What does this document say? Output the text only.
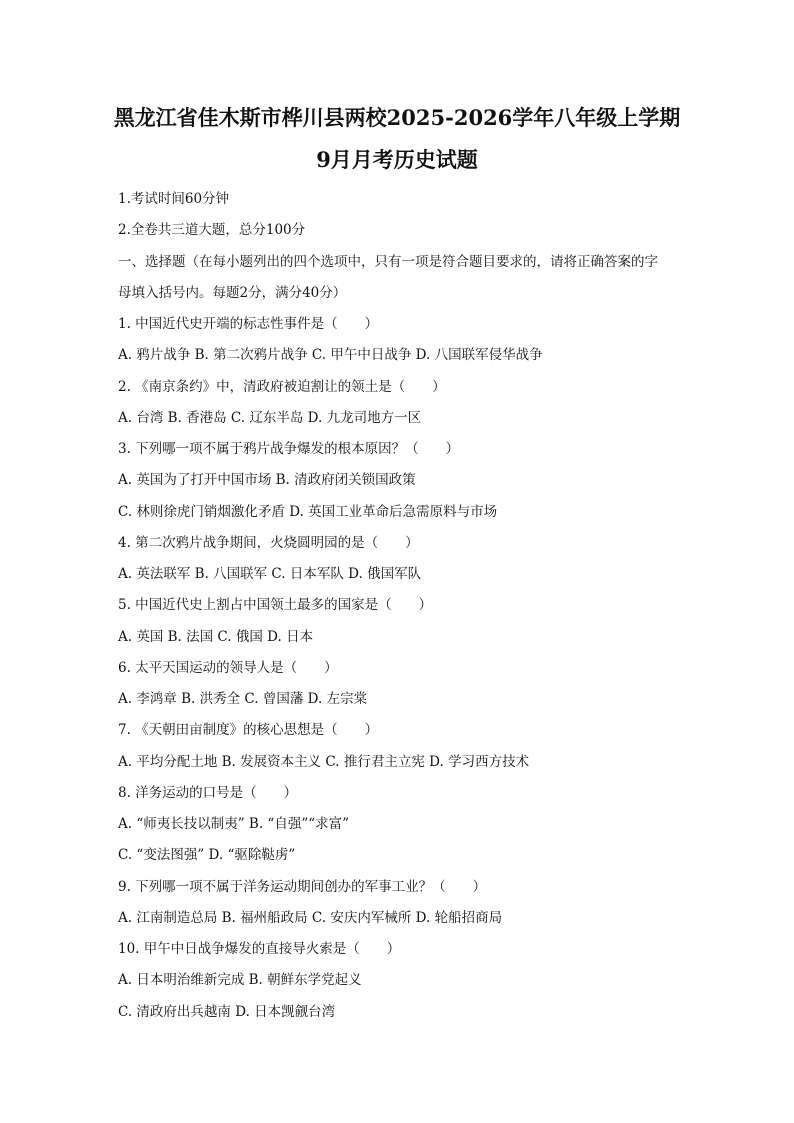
黑龙江省佳木斯市桦川县两校2025-2026学年八年级上学期
9月月考历史试题
1.考试时间60分钟
2.全卷共三道大题，总分100分
一、选择题（在每小题列出的四个选项中，只有一项是符合题目要求的，请将正确答案的字
母填入括号内。每题2分，满分40分）
1. 中国近代史开端的标志性事件是（　　）
A. 鸦片战争 B. 第二次鸦片战争 C. 甲午中日战争 D. 八国联军侵华战争
2. 《南京条约》中，清政府被迫割让的领土是（　　）
A. 台湾 B. 香港岛 C. 辽东半岛 D. 九龙司地方一区
3. 下列哪一项不属于鸦片战争爆发的根本原因？（　　）
A. 英国为了打开中国市场 B. 清政府闭关锁国政策
C. 林则徐虎门销烟激化矛盾 D. 英国工业革命后急需原料与市场
4. 第二次鸦片战争期间，火烧圆明园的是（　　）
A. 英法联军 B. 八国联军 C. 日本军队 D. 俄国军队
5. 中国近代史上割占中国领土最多的国家是（　　）
A. 英国 B. 法国 C. 俄国 D. 日本
6. 太平天国运动的领导人是（　　）
A. 李鸿章 B. 洪秀全 C. 曾国藩 D. 左宗棠
7. 《天朝田亩制度》的核心思想是（　　）
A. 平均分配土地 B. 发展资本主义 C. 推行君主立宪 D. 学习西方技术
8. 洋务运动的口号是（　　）
A. “师夷长技以制夷” B. “自强”“求富”
C. “变法图强” D. “驱除鞑虏”
9. 下列哪一项不属于洋务运动期间创办的军事工业？（　　）
A. 江南制造总局 B. 福州船政局 C. 安庆内军械所 D. 轮船招商局
10. 甲午中日战争爆发的直接导火索是（　　）
A. 日本明治维新完成 B. 朝鲜东学党起义
C. 清政府出兵越南 D. 日本觊觎台湾
